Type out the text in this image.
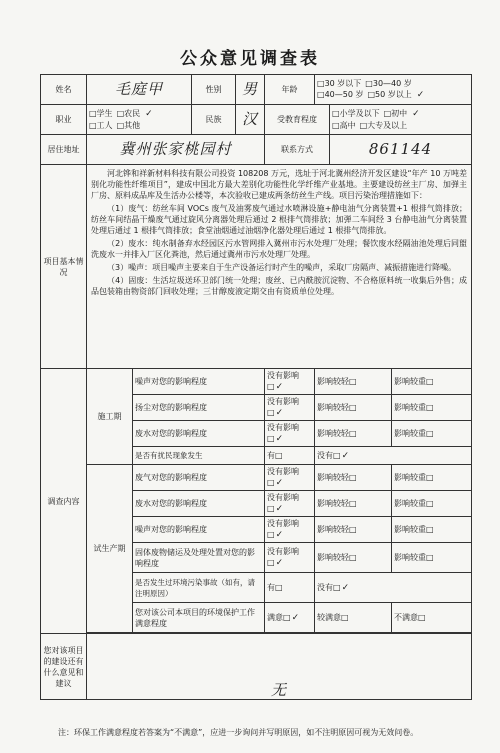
公众意见调查表
姓名	毛庭甲		性别	男	年龄	□30 岁以下 □30—40 岁
□40—50 岁 □50 岁以上 ✓		
职业	□学生 □农民 ✓
□工人 □其他		民族	汉	受教育程度		□小学及以下 □初中 ✓
□高中 □大专及以上	
居住地址	冀州张家桃园村				联系方式		861144	
项目基本情况	河北铧和祥新材料科技有限公司投资 108208 万元，选址于河北冀州经济开发区建设“年产 10 万吨差别化功能性纤维项目”，建成中国北方最大差别化功能性化学纤维产业基地。主要建设纺丝主厂房、加弹主厂房、原料成品库及生活办公楼等，本次验收已建成两条纺丝生产线。项目污染治理措施如下：

（1）废气：纺丝车间 VOCs 废气及油雾废气通过水喷淋设施+静电油气分离装置+1 根排气筒排放；纺丝车间结晶干燥废气通过旋风分离器处理后通过 2 根排气筒排放；加弹二车间经 3 台静电油气分离装置处理后通过 1 根排气筒排放；食堂油烟通过油烟净化器处理后通过 1 根排气筒排放。

（2）废水：纯水制备弃水经园区污水管网排入冀州市污水处理厂处理；餐饮废水经隔油池处理后同盥洗废水一并排入厂区化粪池，然后通过冀州市污水处理厂处理。

（3）噪声：项目噪声主要来自于生产设备运行时产生的噪声，采取厂房隔声、减振措施进行降噪。

（4）固废：生活垃圾送环卫部门统一处理；废丝、已内酰胺沉淀物、不合格原料统一收集后外售；成品包装箱由物资部门回收处理；三甘醇废液定期交由有资质单位处理。							

调查内容	施工期	噪声对您的影响程度			没有影响□✓	影响较轻□		影响较重□
		扬尘对您的影响程度			没有影响□✓	影响较轻□		影响较重□
		废水对您的影响程度			没有影响□✓	影响较轻□		影响较重□
		是否有扰民现象发生			有□	没有□✓		
	试生产期	废气对您的影响程度			没有影响□✓	影响较轻□		影响较重□
		废水对您的影响程度			没有影响□✓	影响较轻□		影响较重□
		噪声对您的影响程度			没有影响□✓	影响较轻□		影响较重□
		固体废物储运及处理处置对您的影响程度			没有影响□✓	影响较轻□		影响较重□
		是否发生过环境污染事故（如有，请注明原因）			有□	没有□✓		
		您对该公司本项目的环境保护工作满意程度			满意□✓	较满意□		不满意□

您对该项目的建设还有什么意见和建议	无							
注：环保工作满意程度若答案为“不满意”，应进一步询问并写明原因，如不注明原因可视为无效问卷。
